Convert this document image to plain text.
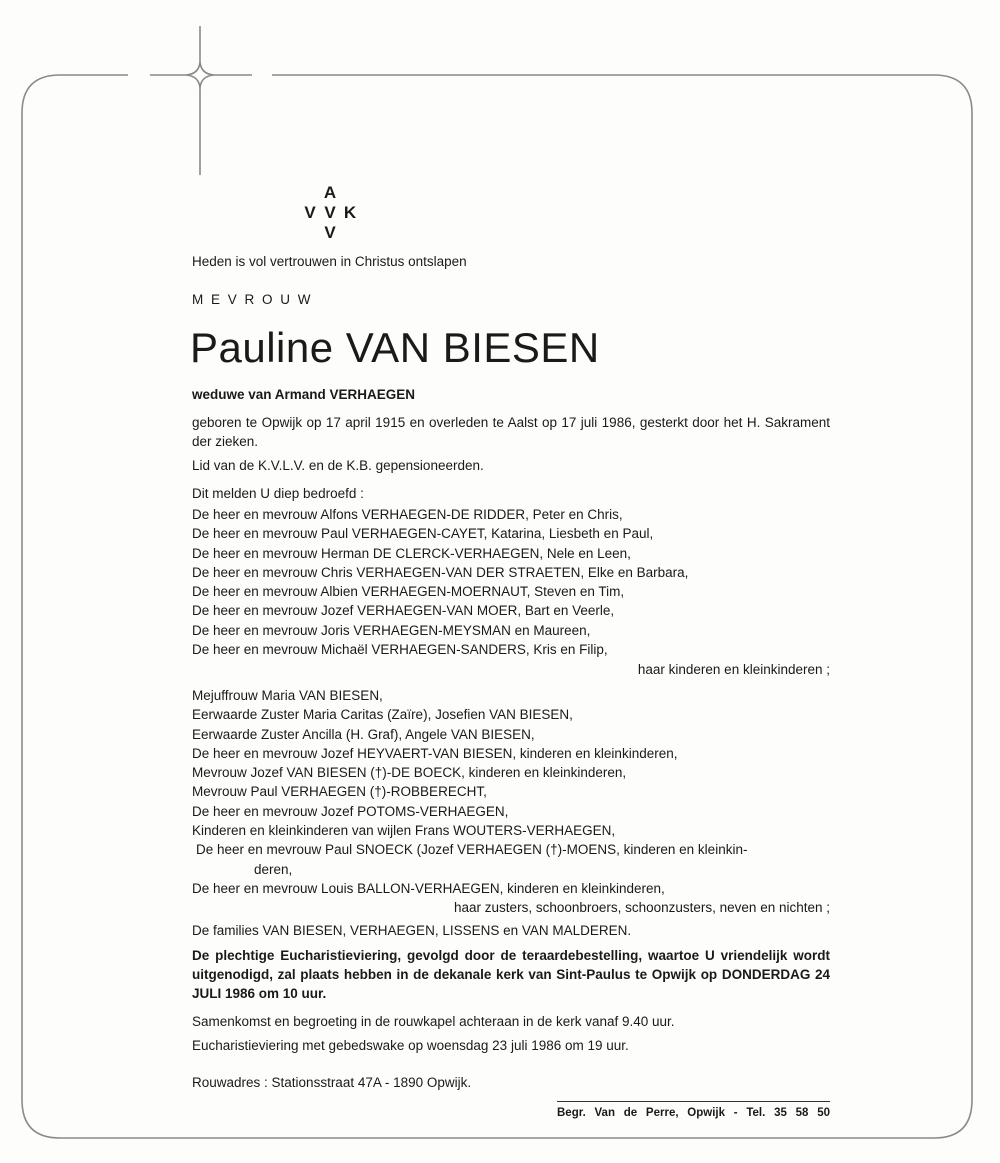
A
V V K
V
Heden is vol vertrouwen in Christus ontslapen
M E V R O U W
Pauline VAN BIESEN
weduwe van Armand VERHAEGEN
geboren te Opwijk op 17 april 1915 en overleden te Aalst op 17 juli 1986, gesterkt door het H. Sakrament der zieken.
Lid van de K.V.L.V. en de K.B. gepensioneerden.
Dit melden U diep bedroefd :
De heer en mevrouw Alfons VERHAEGEN-DE RIDDER, Peter en Chris,
De heer en mevrouw Paul VERHAEGEN-CAYET, Katarina, Liesbeth en Paul,
De heer en mevrouw Herman DE CLERCK-VERHAEGEN, Nele en Leen,
De heer en mevrouw Chris VERHAEGEN-VAN DER STRAETEN, Elke en Barbara,
De heer en mevrouw Albien VERHAEGEN-MOERNAUT, Steven en Tim,
De heer en mevrouw Jozef VERHAEGEN-VAN MOER, Bart en Veerle,
De heer en mevrouw Joris VERHAEGEN-MEYSMAN en Maureen,
De heer en mevrouw Michaël VERHAEGEN-SANDERS, Kris en Filip,
haar kinderen en kleinkinderen ;
Mejuffrouw Maria VAN BIESEN,
Eerwaarde Zuster Maria Caritas (Zaïre), Josefien VAN BIESEN,
Eerwaarde Zuster Ancilla (H. Graf), Angele VAN BIESEN,
De heer en mevrouw Jozef HEYVAERT-VAN BIESEN, kinderen en kleinkinderen,
Mevrouw Jozef VAN BIESEN (†)-DE BOECK, kinderen en kleinkinderen,
Mevrouw Paul VERHAEGEN (†)-ROBBERECHT,
De heer en mevrouw Jozef POTOMS-VERHAEGEN,
Kinderen en kleinkinderen van wijlen Frans WOUTERS-VERHAEGEN,
De heer en mevrouw Paul SNOECK (Jozef VERHAEGEN (†)-MOENS, kinderen en kleinkin-
deren,
De heer en mevrouw Louis BALLON-VERHAEGEN, kinderen en kleinkinderen,
haar zusters, schoonbroers, schoonzusters, neven en nichten ;
De families VAN BIESEN, VERHAEGEN, LISSENS en VAN MALDEREN.
De plechtige Eucharistieviering, gevolgd door de teraardebestelling, waartoe U vriendelijk wordt uitgenodigd, zal plaats hebben in de dekanale kerk van Sint-Paulus te Opwijk op DONDERDAG 24 JULI 1986 om 10 uur.
Samenkomst en begroeting in de rouwkapel achteraan in de kerk vanaf 9.40 uur.
Eucharistieviering met gebedswake op woensdag 23 juli 1986 om 19 uur.
Rouwadres : Stationsstraat 47A - 1890 Opwijk.
Begr. Van de Perre, Opwijk - Tel. 35 58 50
